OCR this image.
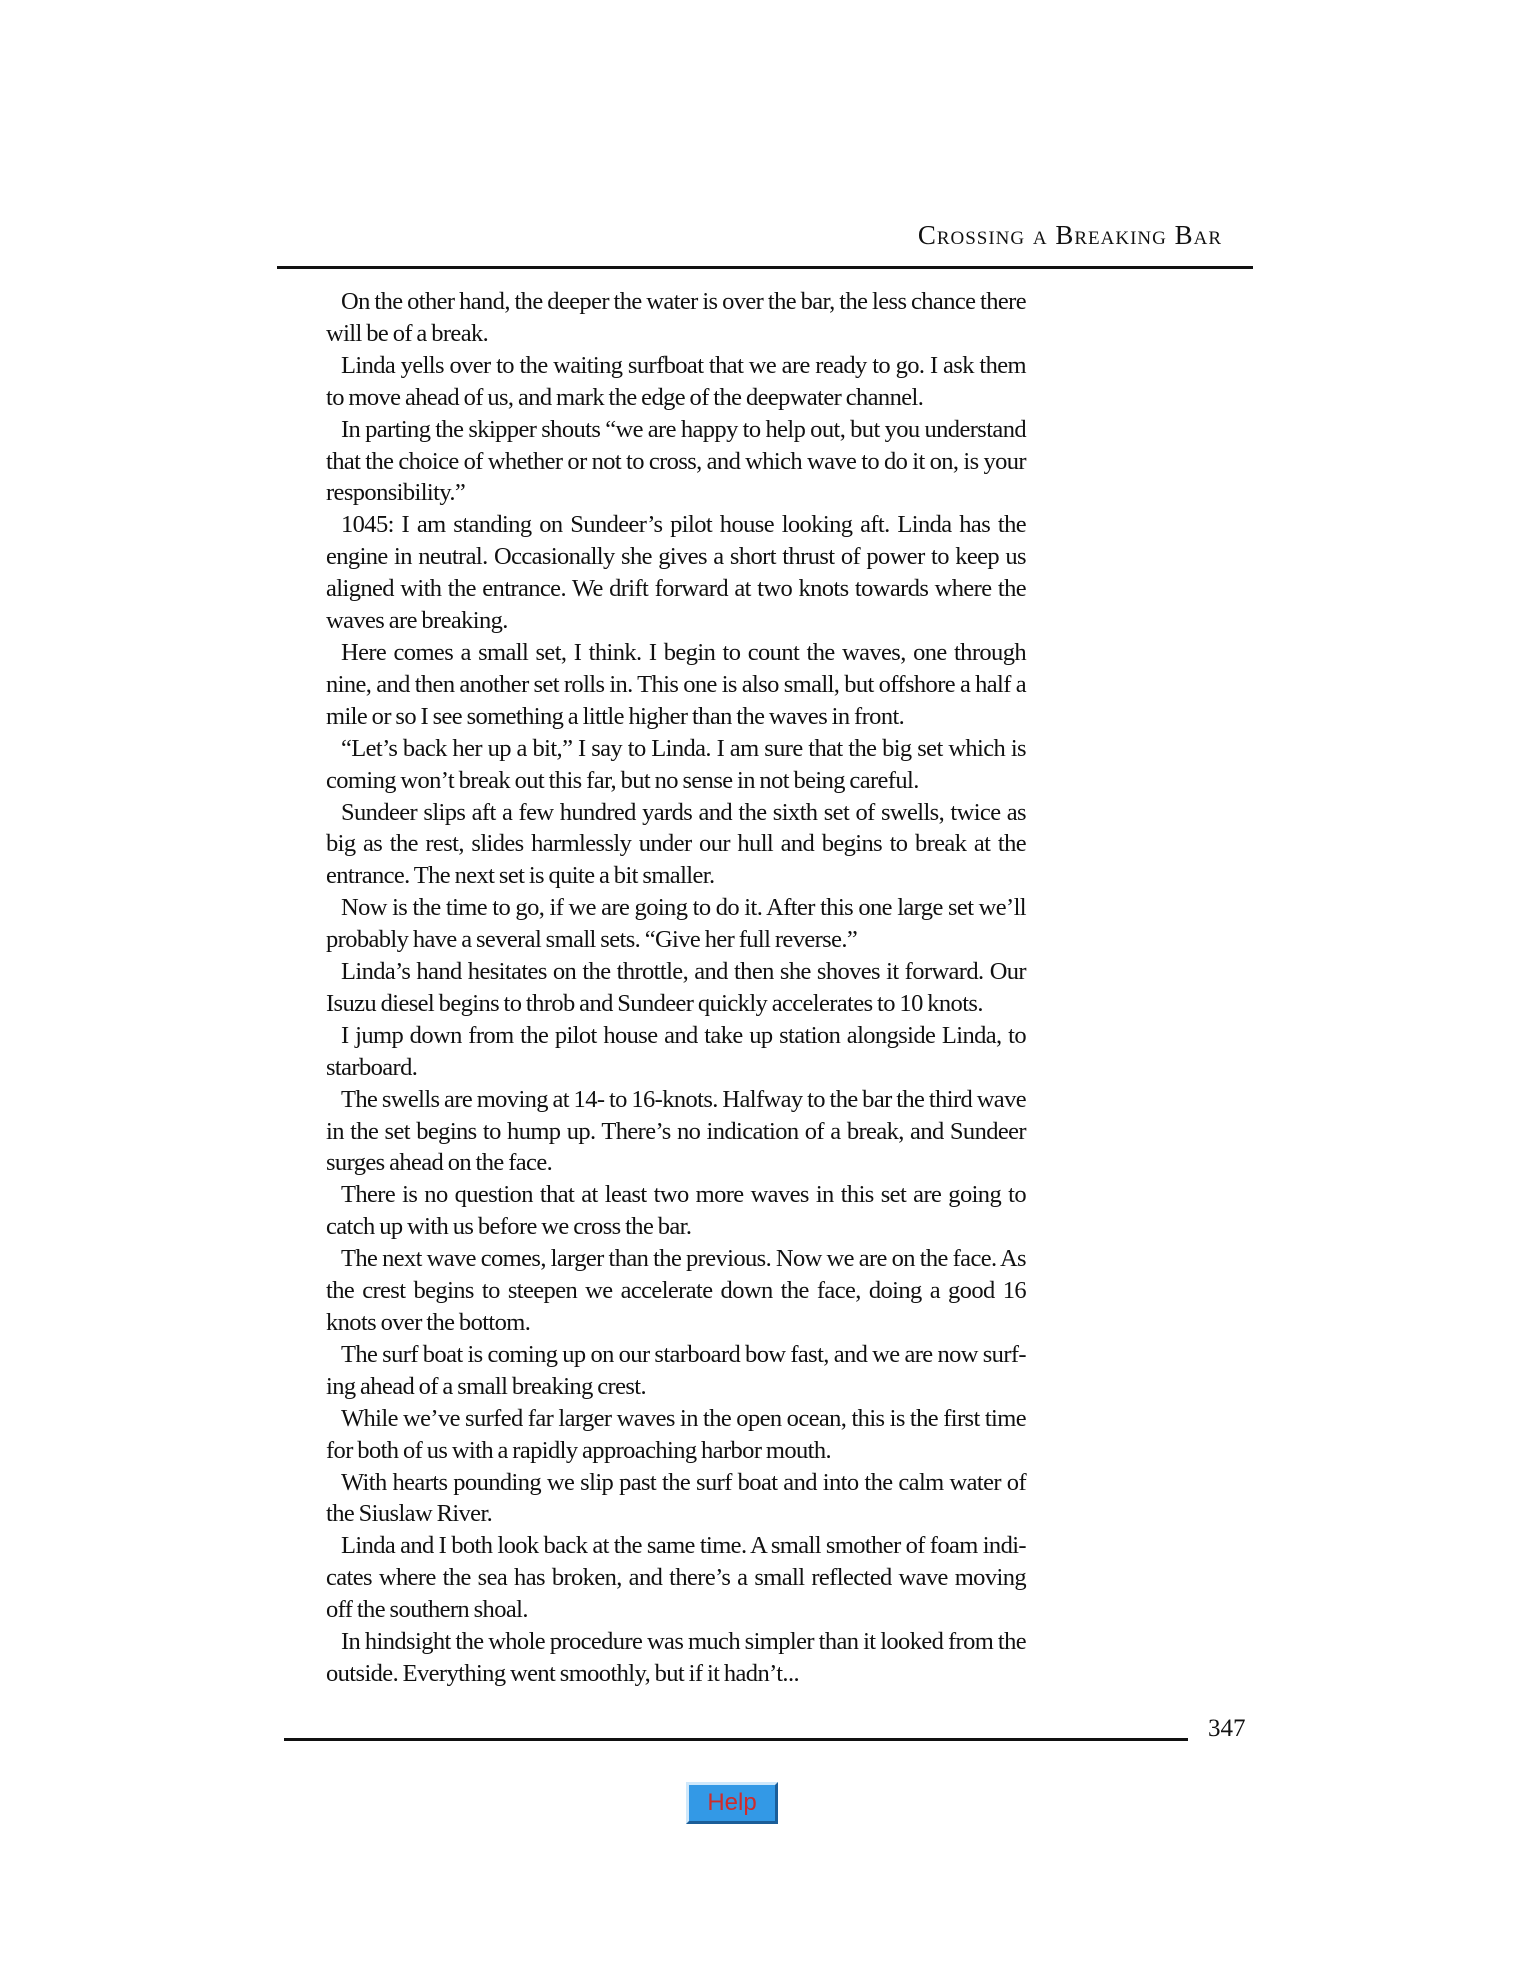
Crossing a Breaking Bar

On the other hand, the deeper the water is over the bar, the less chance there will be of a break.

Linda yells over to the waiting surfboat that we are ready to go. I ask them to move ahead of us, and mark the edge of the deepwater channel.

In parting the skipper shouts “we are happy to help out, but you understand that the choice of whether or not to cross, and which wave to do it on, is your responsibility.”

1045: I am standing on Sundeer’s pilot house looking aft. Linda has the engine in neutral. Occasionally she gives a short thrust of power to keep us aligned with the entrance. We drift forward at two knots towards where the waves are breaking.

Here comes a small set, I think. I begin to count the waves, one through nine, and then another set rolls in. This one is also small, but offshore a half a mile or so I see something a little higher than the waves in front.

“Let’s back her up a bit,” I say to Linda. I am sure that the big set which is coming won’t break out this far, but no sense in not being careful.

Sundeer slips aft a few hundred yards and the sixth set of swells, twice as big as the rest, slides harmlessly under our hull and begins to break at the entrance. The next set is quite a bit smaller.

Now is the time to go, if we are going to do it. After this one large set we’ll probably have a several small sets. “Give her full reverse.”

Linda’s hand hesitates on the throttle, and then she shoves it forward. Our Isuzu diesel begins to throb and Sundeer quickly accelerates to 10 knots.

I jump down from the pilot house and take up station alongside Linda, to starboard.

The swells are moving at 14- to 16-knots. Halfway to the bar the third wave in the set begins to hump up. There’s no indication of a break, and Sundeer surges ahead on the face.

There is no question that at least two more waves in this set are going to catch up with us before we cross the bar.

The next wave comes, larger than the previous. Now we are on the face. As the crest begins to steepen we accelerate down the face, doing a good 16 knots over the bottom.

The surf boat is coming up on our starboard bow fast, and we are now surf-ing ahead of a small breaking crest.

While we’ve surfed far larger waves in the open ocean, this is the first time for both of us with a rapidly approaching harbor mouth.

With hearts pounding we slip past the surf boat and into the calm water of the Siuslaw River.

Linda and I both look back at the same time. A small smother of foam indi-cates where the sea has broken, and there’s a small reflected wave moving off the southern shoal.

In hindsight the whole procedure was much simpler than it looked from the outside. Everything went smoothly, but if it hadn’t...

347
Help
